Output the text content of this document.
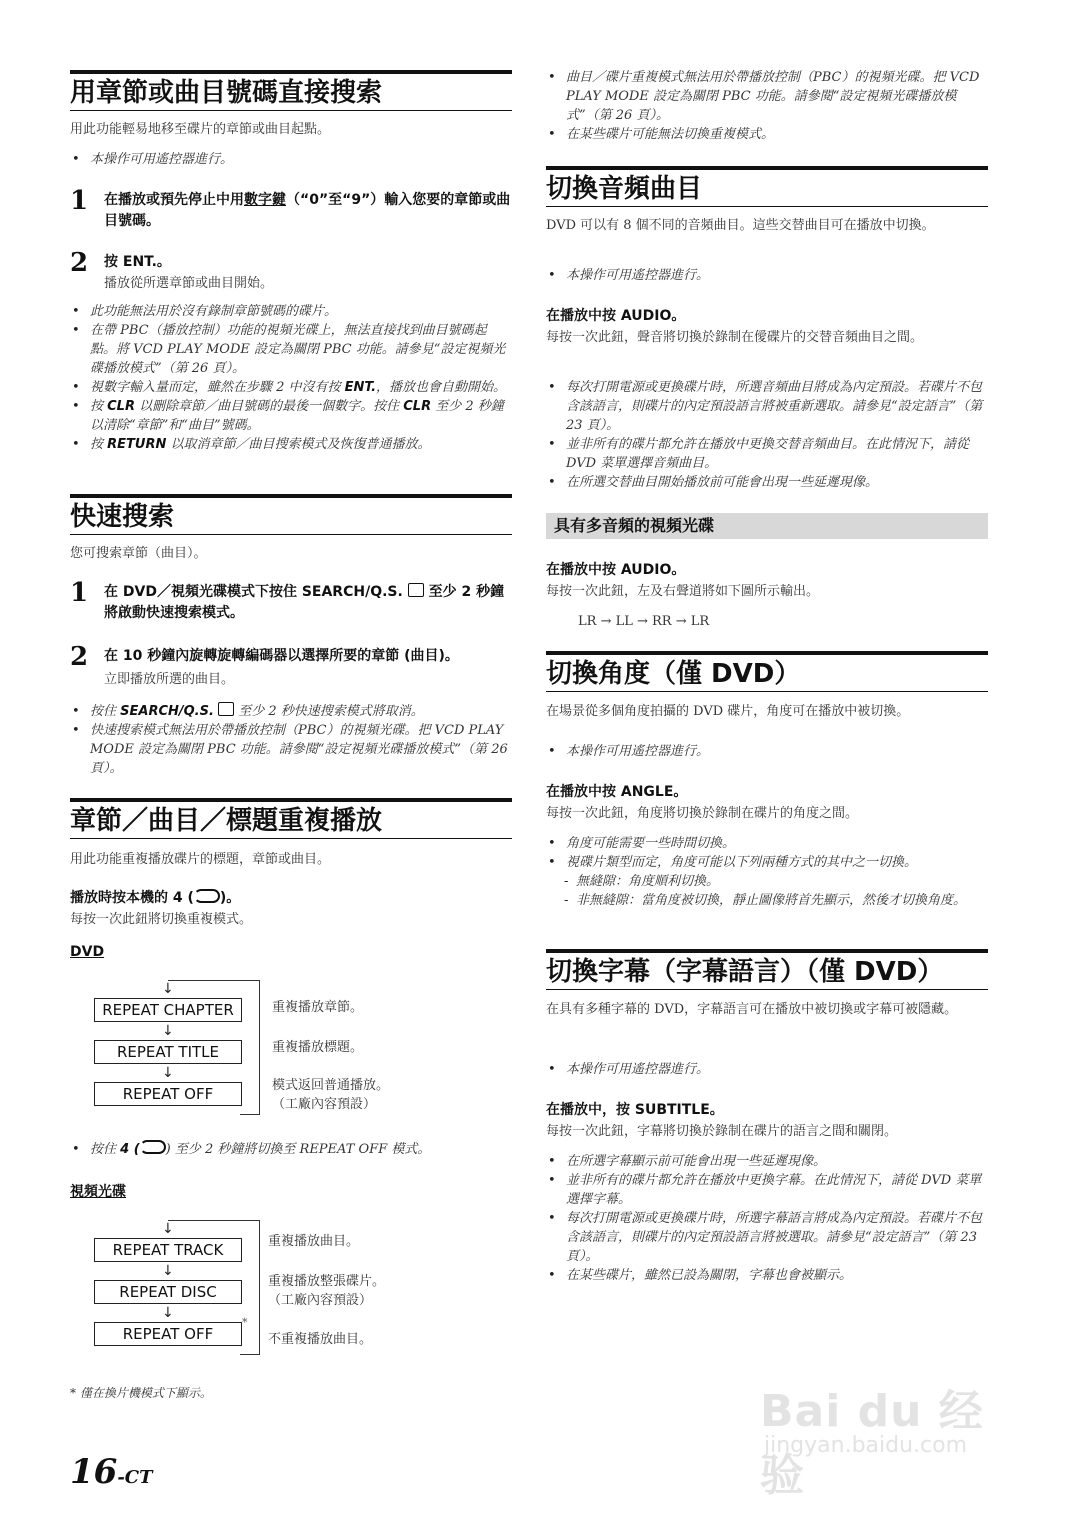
用章節或曲目號碼直接搜索
用此功能輕易地移至碟片的章節或曲目起點。
• 本操作可用遙控器進行。
1 在播放或預先停止中用數字鍵（“0”至“9”）輸入您要的章節或曲目號碼。
2 按 ENT.。
播放從所選章節或曲目開始。
• 此功能無法用於沒有錄制章節號碼的碟片。
• 在帶 PBC（播放控制）功能的視頻光碟上，無法直接找到曲目號碼起點。將 VCD PLAY MODE 設定為關閉 PBC 功能。請參見“設定視頻光碟播放模式”（第 26 頁）。
• 視數字輸入量而定，雖然在步驟 2 中沒有按 ENT.，播放也會自動開始。
• 按 CLR 以刪除章節／曲目號碼的最後一個數字。按住 CLR 至少 2 秒鐘以清除“章節”和“曲目”號碼。
• 按 RETURN 以取消章節／曲目搜索模式及恢復普通播放。
快速搜索
您可搜索章節（曲目）。
1 在 DVD／視頻光碟模式下按住 SEARCH/Q.S.  至少 2 秒鐘將啟動快速搜索模式。
2 在 10 秒鐘內旋轉旋轉編碼器以選擇所要的章節 (曲目)。
立即播放所選的曲目。
• 按住 SEARCH/Q.S.  至少 2 秒快速搜索模式將取消。
• 快速搜索模式無法用於帶播放控制（PBC）的視頻光碟。把 VCD PLAY MODE 設定為關閉 PBC 功能。請參閱“設定視頻光碟播放模式”（第 26 頁）。
章節／曲目／標題重複播放
用此功能重複播放碟片的標題，章節或曲目。
播放時按本機的 4 ( )。
每按一次此鈕將切換重複模式。
DVD
↓
REPEAT CHAPTER
↓
REPEAT TITLE
↓
REPEAT OFF
重複播放章節。
重複播放標題。
模式返回普通播放。
（工廠內容預設）
• 按住 4 ( ) 至少 2 秒鐘將切換至 REPEAT OFF 模式。
視頻光碟
↓
REPEAT TRACK
↓
REPEAT DISC
↓
REPEAT OFF
*
重複播放曲目。
重複播放整張碟片。
（工廠內容預設）
不重複播放曲目。
* 僅在換片機模式下顯示。
16-CT
• 曲目／碟片重複模式無法用於帶播放控制（PBC）的視頻光碟。把 VCD PLAY MODE 設定為關閉 PBC 功能。請參閱“設定視頻光碟播放模式”（第 26 頁）。
• 在某些碟片可能無法切換重複模式。
切換音頻曲目
DVD 可以有 8 個不同的音頻曲目。這些交替曲目可在播放中切換。
• 本操作可用遙控器進行。
在播放中按 AUDIO。
每按一次此鈕，聲音將切換於錄制在僾碟片的交替音頻曲目之間。
• 每次打開電源或更換碟片時，所選音頻曲目將成為內定預設。若碟片不包含該語言，則碟片的內定預設語言將被重新選取。請參見“設定語言”（第 23 頁）。
• 並非所有的碟片都允許在播放中更換交替音頻曲目。在此情況下，請從 DVD 菜單選擇音頻曲目。
• 在所選交替曲目開始播放前可能會出現一些延遲現像。
具有多音頻的視頻光碟
在播放中按 AUDIO。
每按一次此鈕，左及右聲道將如下圖所示輸出。
LR → LL → RR → LR
切換角度（僅 DVD）
在場景從多個角度拍攝的 DVD 碟片，角度可在播放中被切換。
• 本操作可用遙控器進行。
在播放中按 ANGLE。
每按一次此鈕，角度將切換於錄制在碟片的角度之間。
• 角度可能需要一些時間切換。
• 視碟片類型而定，角度可能以下列兩種方式的其中之一切換。
- 無縫隙：角度順利切換。
- 非無縫隙：當角度被切換，靜止圖像將首先顯示，然後才切換角度。
切換字幕（字幕語言）（僅 DVD）
在具有多種字幕的 DVD，字幕語言可在播放中被切換或字幕可被隱藏。
• 本操作可用遙控器進行。
在播放中，按 SUBTITLE。
每按一次此鈕，字幕將切換於錄制在碟片的語言之間和關閉。
• 在所選字幕顯示前可能會出現一些延遲現像。
• 並非所有的碟片都允許在播放中更換字幕。在此情況下，請從 DVD 菜單選擇字幕。
• 每次打開電源或更換碟片時，所選字幕語言將成為內定預設。若碟片不包含該語言，則碟片的內定預設語言將被選取。請參見“設定語言”（第 23 頁）。
• 在某些碟片，雖然已設為關閉，字幕也會被顯示。
Bai du 经验
jingyan.baidu.com
